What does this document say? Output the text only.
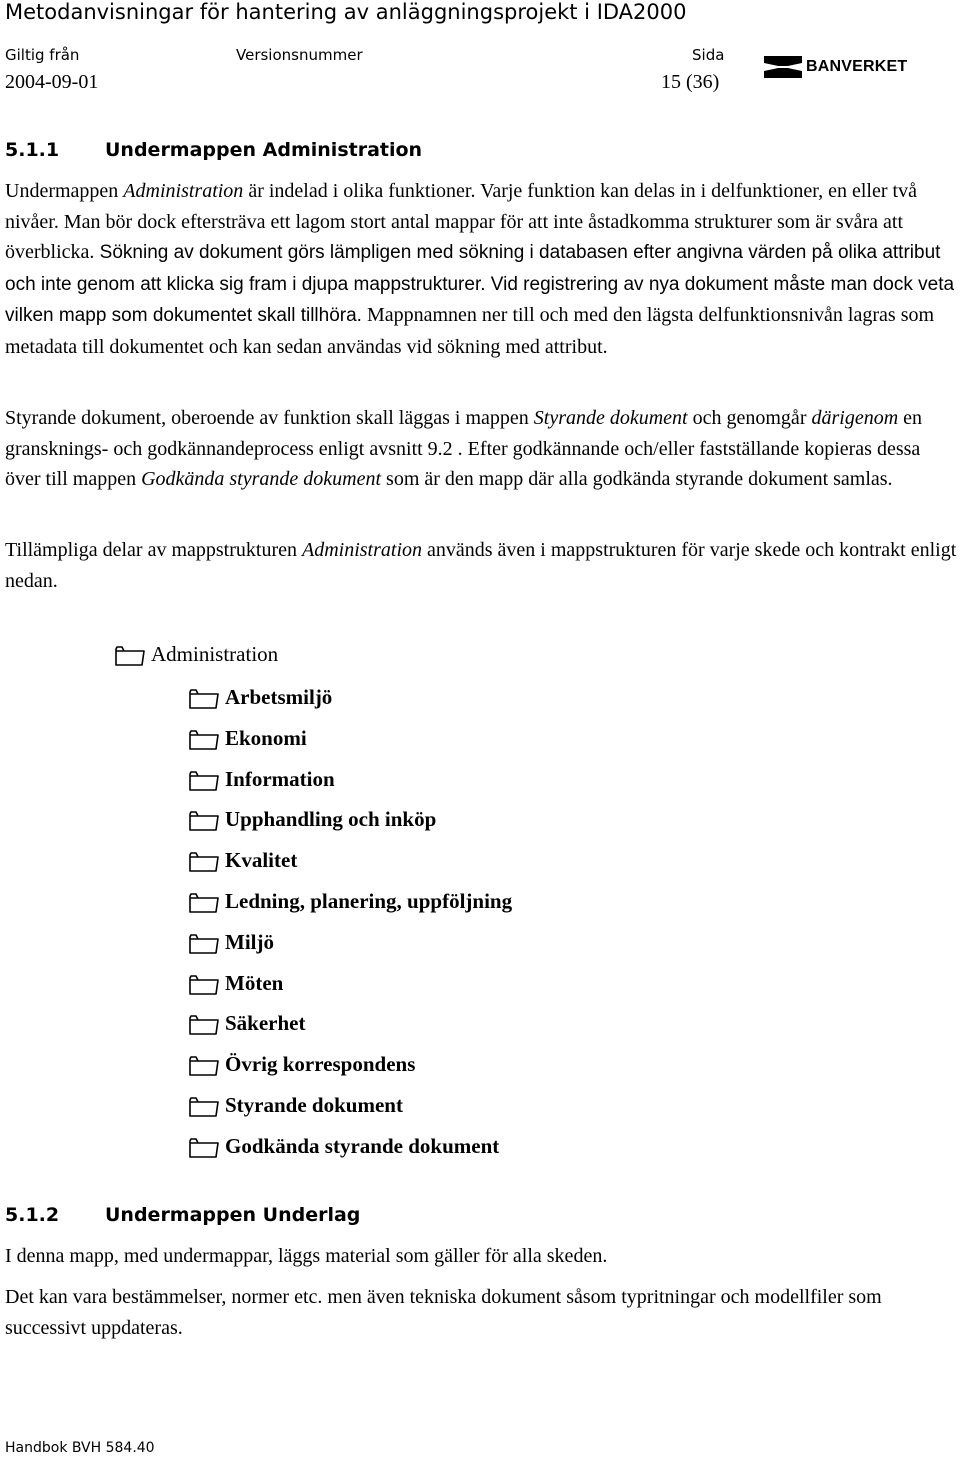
Metodanvisningar för hantering av anläggningsprojekt i IDA2000
Giltig från	Versionsnummer	Sida
2004-09-01	15 (36)
BANVERKET
5.1.1 Undermappen Administration
Undermappen Administration är indelad i olika funktioner. Varje funktion kan delas in i delfunktioner, en eller två nivåer. Man bör dock eftersträva ett lagom stort antal mappar för att inte åstadkomma strukturer som är svåra att överblicka. Sökning av dokument görs lämpligen med sökning i databasen efter angivna värden på olika attribut och inte genom att klicka sig fram i djupa mappstrukturer. Vid registrering av nya dokument måste man dock veta vilken mapp som dokumentet skall tillhöra. Mappnamnen ner till och med den lägsta delfunktionsnivån lagras som metadata till dokumentet och kan sedan användas vid sökning med attribut.
Styrande dokument, oberoende av funktion skall läggas i mappen Styrande dokument och genomgår därigenom en gransknings- och godkännandeprocess enligt avsnitt 9.2 . Efter godkännande och/eller fastställande kopieras dessa över till mappen Godkända styrande dokument som är den mapp där alla godkända styrande dokument samlas.
Tillämpliga delar av mappstrukturen Administration används även i mappstrukturen för varje skede och kontrakt enligt nedan.
Administration
Arbetsmiljö
Ekonomi
Information
Upphandling och inköp
Kvalitet
Ledning, planering, uppföljning
Miljö
Möten
Säkerhet
Övrig korrespondens
Styrande dokument
Godkända styrande dokument
5.1.2 Undermappen Underlag
I denna mapp, med undermappar, läggs material som gäller för alla skeden.
Det kan vara bestämmelser, normer etc. men även tekniska dokument såsom typritningar och modellfiler som successivt uppdateras.
Handbok BVH 584.40
